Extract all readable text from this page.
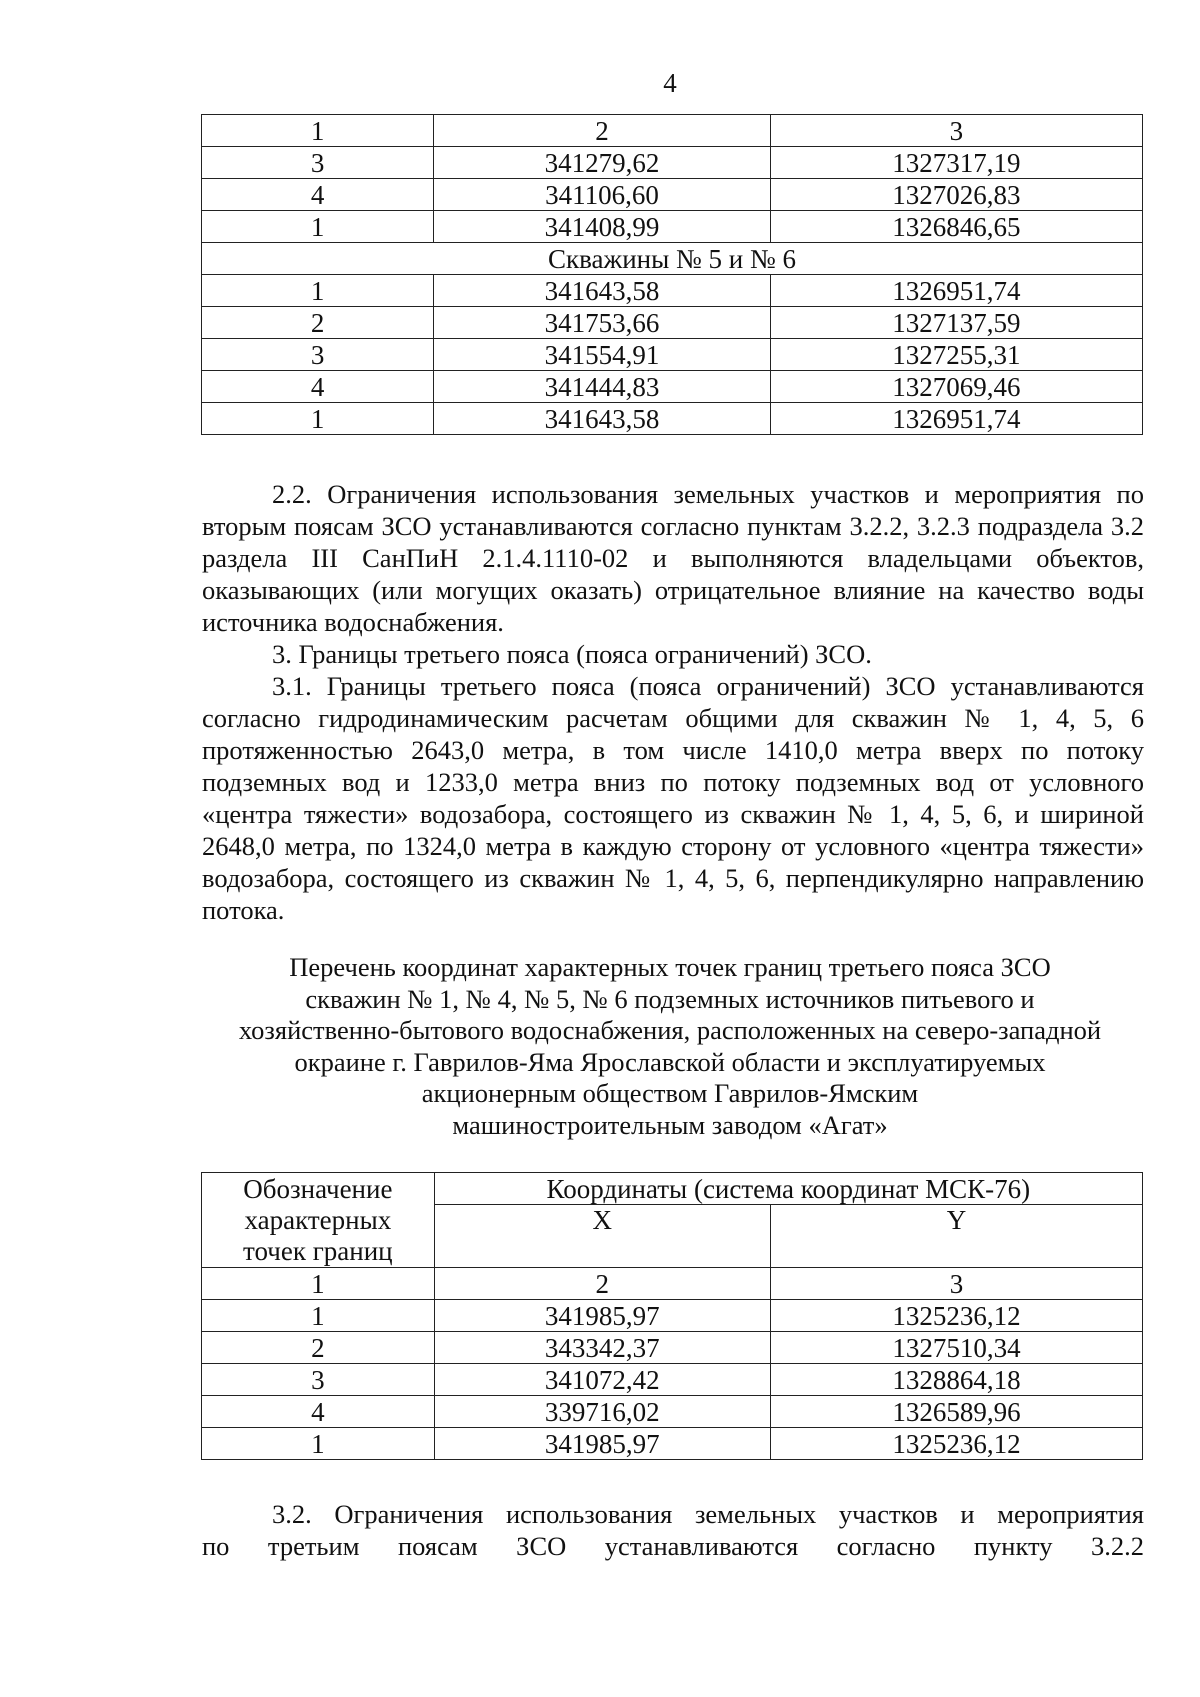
4
1	2	3
3	341279,62	1327317,19
4	341106,60	1327026,83
1	341408,99	1326846,65
Скважины № 5 и № 6		
1	341643,58	1326951,74
2	341753,66	1327137,59
3	341554,91	1327255,31
4	341444,83	1327069,46
1	341643,58	1326951,74
2.2. Ограничения использования земельных участков и мероприятия по вторым поясам ЗСО устанавливаются согласно пунктам 3.2.2, 3.2.3 подраздела 3.2 раздела III СанПиН 2.1.4.1110-02 и выполняются владельцами объектов, оказывающих (или могущих оказать) отрицательное влияние на качество воды источника водоснабжения.
3. Границы третьего пояса (пояса ограничений) ЗСО.
3.1. Границы третьего пояса (пояса ограничений) ЗСО устанавливаются согласно гидродинамическим расчетам общими для скважин № 1, 4, 5, 6 протяженностью 2643,0 метра, в том числе 1410,0 метра вверх по потоку подземных вод и 1233,0 метра вниз по потоку подземных вод от условного «центра тяжести» водозабора, состоящего из скважин № 1, 4, 5, 6, и шириной 2648,0 метра, по 1324,0 метра в каждую сторону от условного «центра тяжести» водозабора, состоящего из скважин № 1, 4, 5, 6, перпендикулярно направлению потока.
Перечень координат характерных точек границ третьего пояса ЗСО
скважин № 1, № 4, № 5, № 6 подземных источников питьевого и
хозяйственно-бытового водоснабжения, расположенных на северо-западной
окраине г. Гаврилов-Яма Ярославской области и эксплуатируемых
акционерным обществом Гаврилов-Ямским
машиностроительным заводом «Агат»
Обозначение
характерных
точек границ	Координаты (система координат МСК-76)	
	X	Y
1	2	3
1	341985,97	1325236,12
2	343342,37	1327510,34
3	341072,42	1328864,18
4	339716,02	1326589,96
1	341985,97	1325236,12
3.2. Ограничения использования земельных участков и мероприятия
по третьим поясам ЗСО устанавливаются согласно пункту 3.2.2
